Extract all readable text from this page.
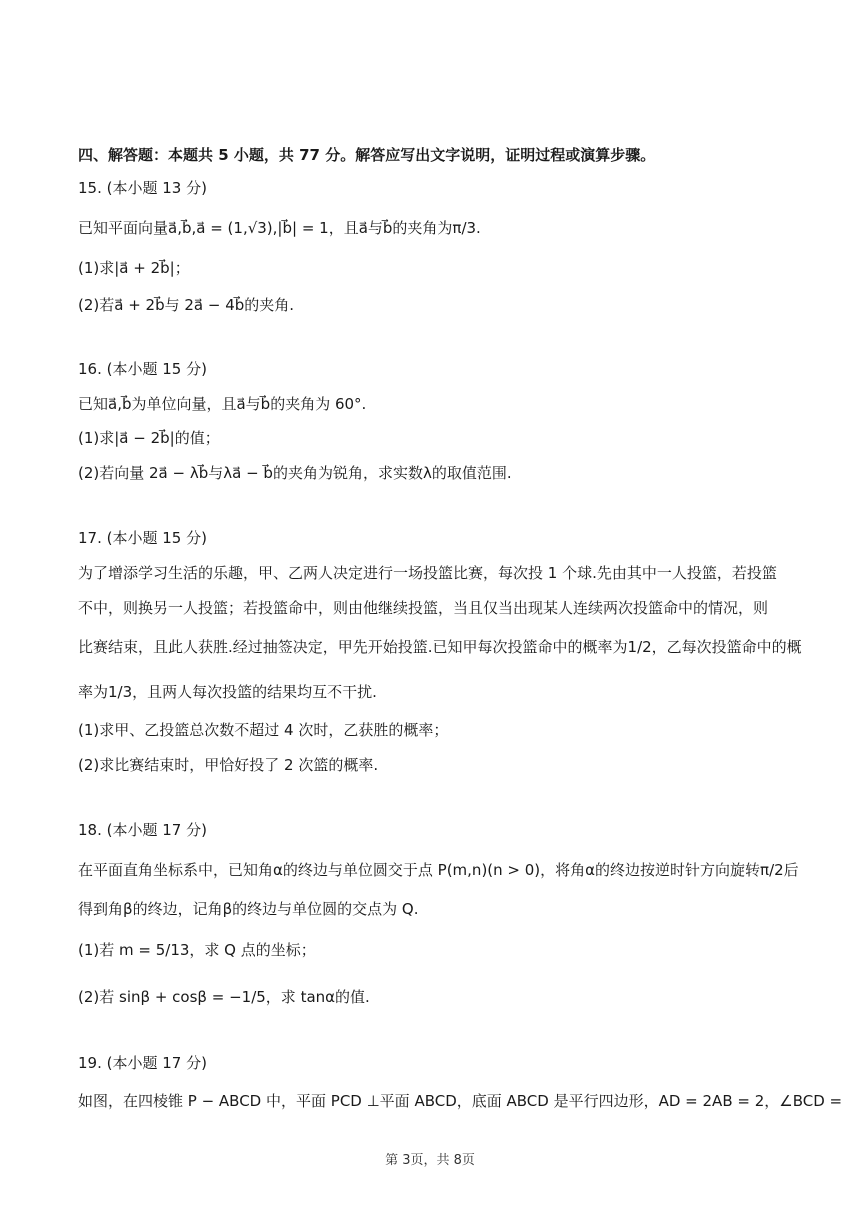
四、解答题：本题共 5 小题，共 77 分。解答应写出文字说明，证明过程或演算步骤。
15. (本小题 13 分)
已知平面向量a⃗,b⃗,a⃗ = (1,√3),|b⃗| = 1，且a⃗与b⃗的夹角为π/3.
(1)求|a⃗ + 2b⃗|；
(2)若a⃗ + 2b⃗与 2a⃗ − 4b⃗的夹角.
16. (本小题 15 分)
已知a⃗,b⃗为单位向量，且a⃗与b⃗的夹角为 60°.
(1)求|a⃗ − 2b⃗|的值；
(2)若向量 2a⃗ − λb⃗与λa⃗ − b⃗的夹角为锐角，求实数λ的取值范围.
17. (本小题 15 分)
为了增添学习生活的乐趣，甲、乙两人决定进行一场投篮比赛，每次投 1 个球.先由其中一人投篮，若投篮
不中，则换另一人投篮；若投篮命中，则由他继续投篮，当且仅当出现某人连续两次投篮命中的情况，则
比赛结束，且此人获胜.经过抽签决定，甲先开始投篮.已知甲每次投篮命中的概率为1/2，乙每次投篮命中的概
率为1/3，且两人每次投篮的结果均互不干扰.
(1)求甲、乙投篮总次数不超过 4 次时，乙获胜的概率；
(2)求比赛结束时，甲恰好投了 2 次篮的概率.
18. (本小题 17 分)
在平面直角坐标系中，已知角α的终边与单位圆交于点 P(m,n)(n > 0)，将角α的终边按逆时针方向旋转π/2后
得到角β的终边，记角β的终边与单位圆的交点为 Q.
(1)若 m = 5/13，求 Q 点的坐标；
(2)若 sinβ + cosβ = −1/5，求 tanα的值.
19. (本小题 17 分)
如图，在四棱锥 P − ABCD 中，平面 PCD ⊥平面 ABCD，底面 ABCD 是平行四边形，AD = 2AB = 2，∠BCD =
第 3页，共 8页
